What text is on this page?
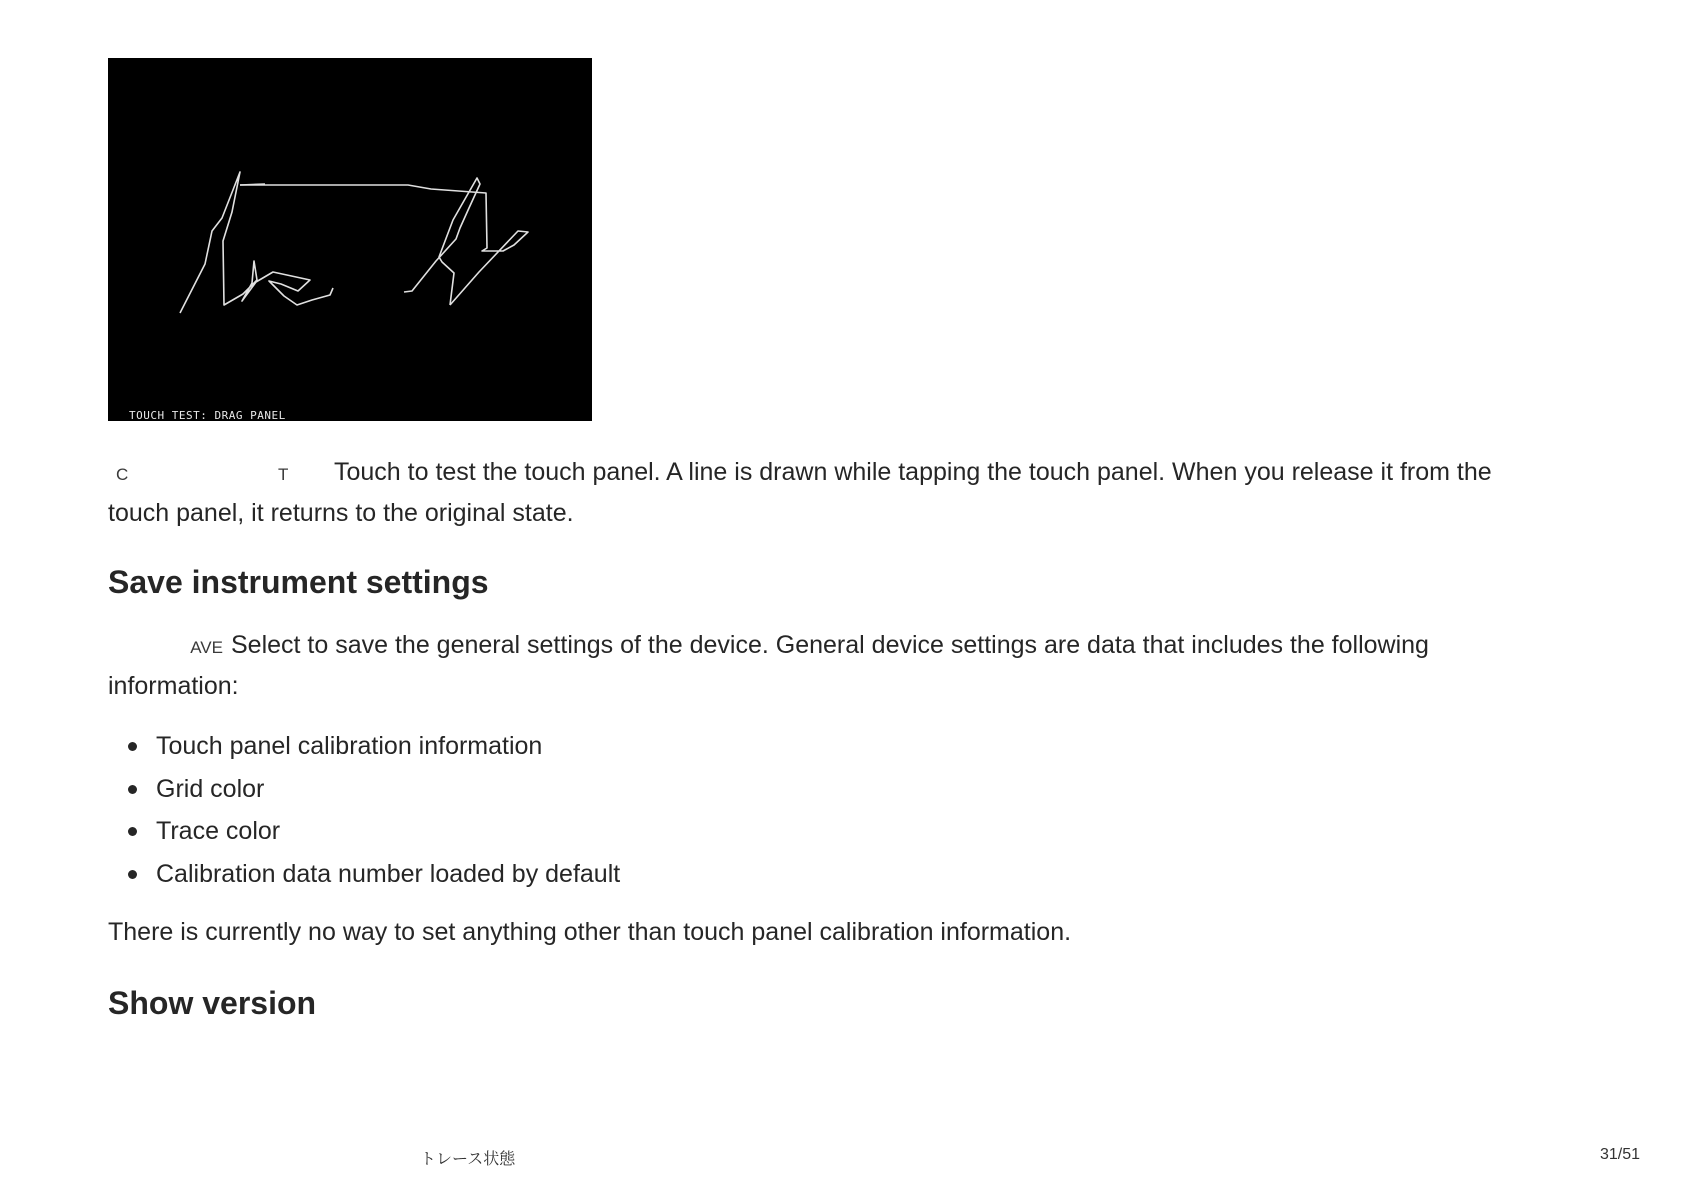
TOUCH TEST: DRAG PANEL

C	T Touch to test the touch panel. A line is drawn while tapping the touch panel. When you release it from the
touch panel, it returns to the original state.

Save instrument settings

AVE Select to save the general settings of the device. General device settings are data that includes the following
information:

Touch panel calibration information
Grid color
Trace color
Calibration data number loaded by default

There is currently no way to set anything other than touch panel calibration information.

Show version
トレース状態	31/51
